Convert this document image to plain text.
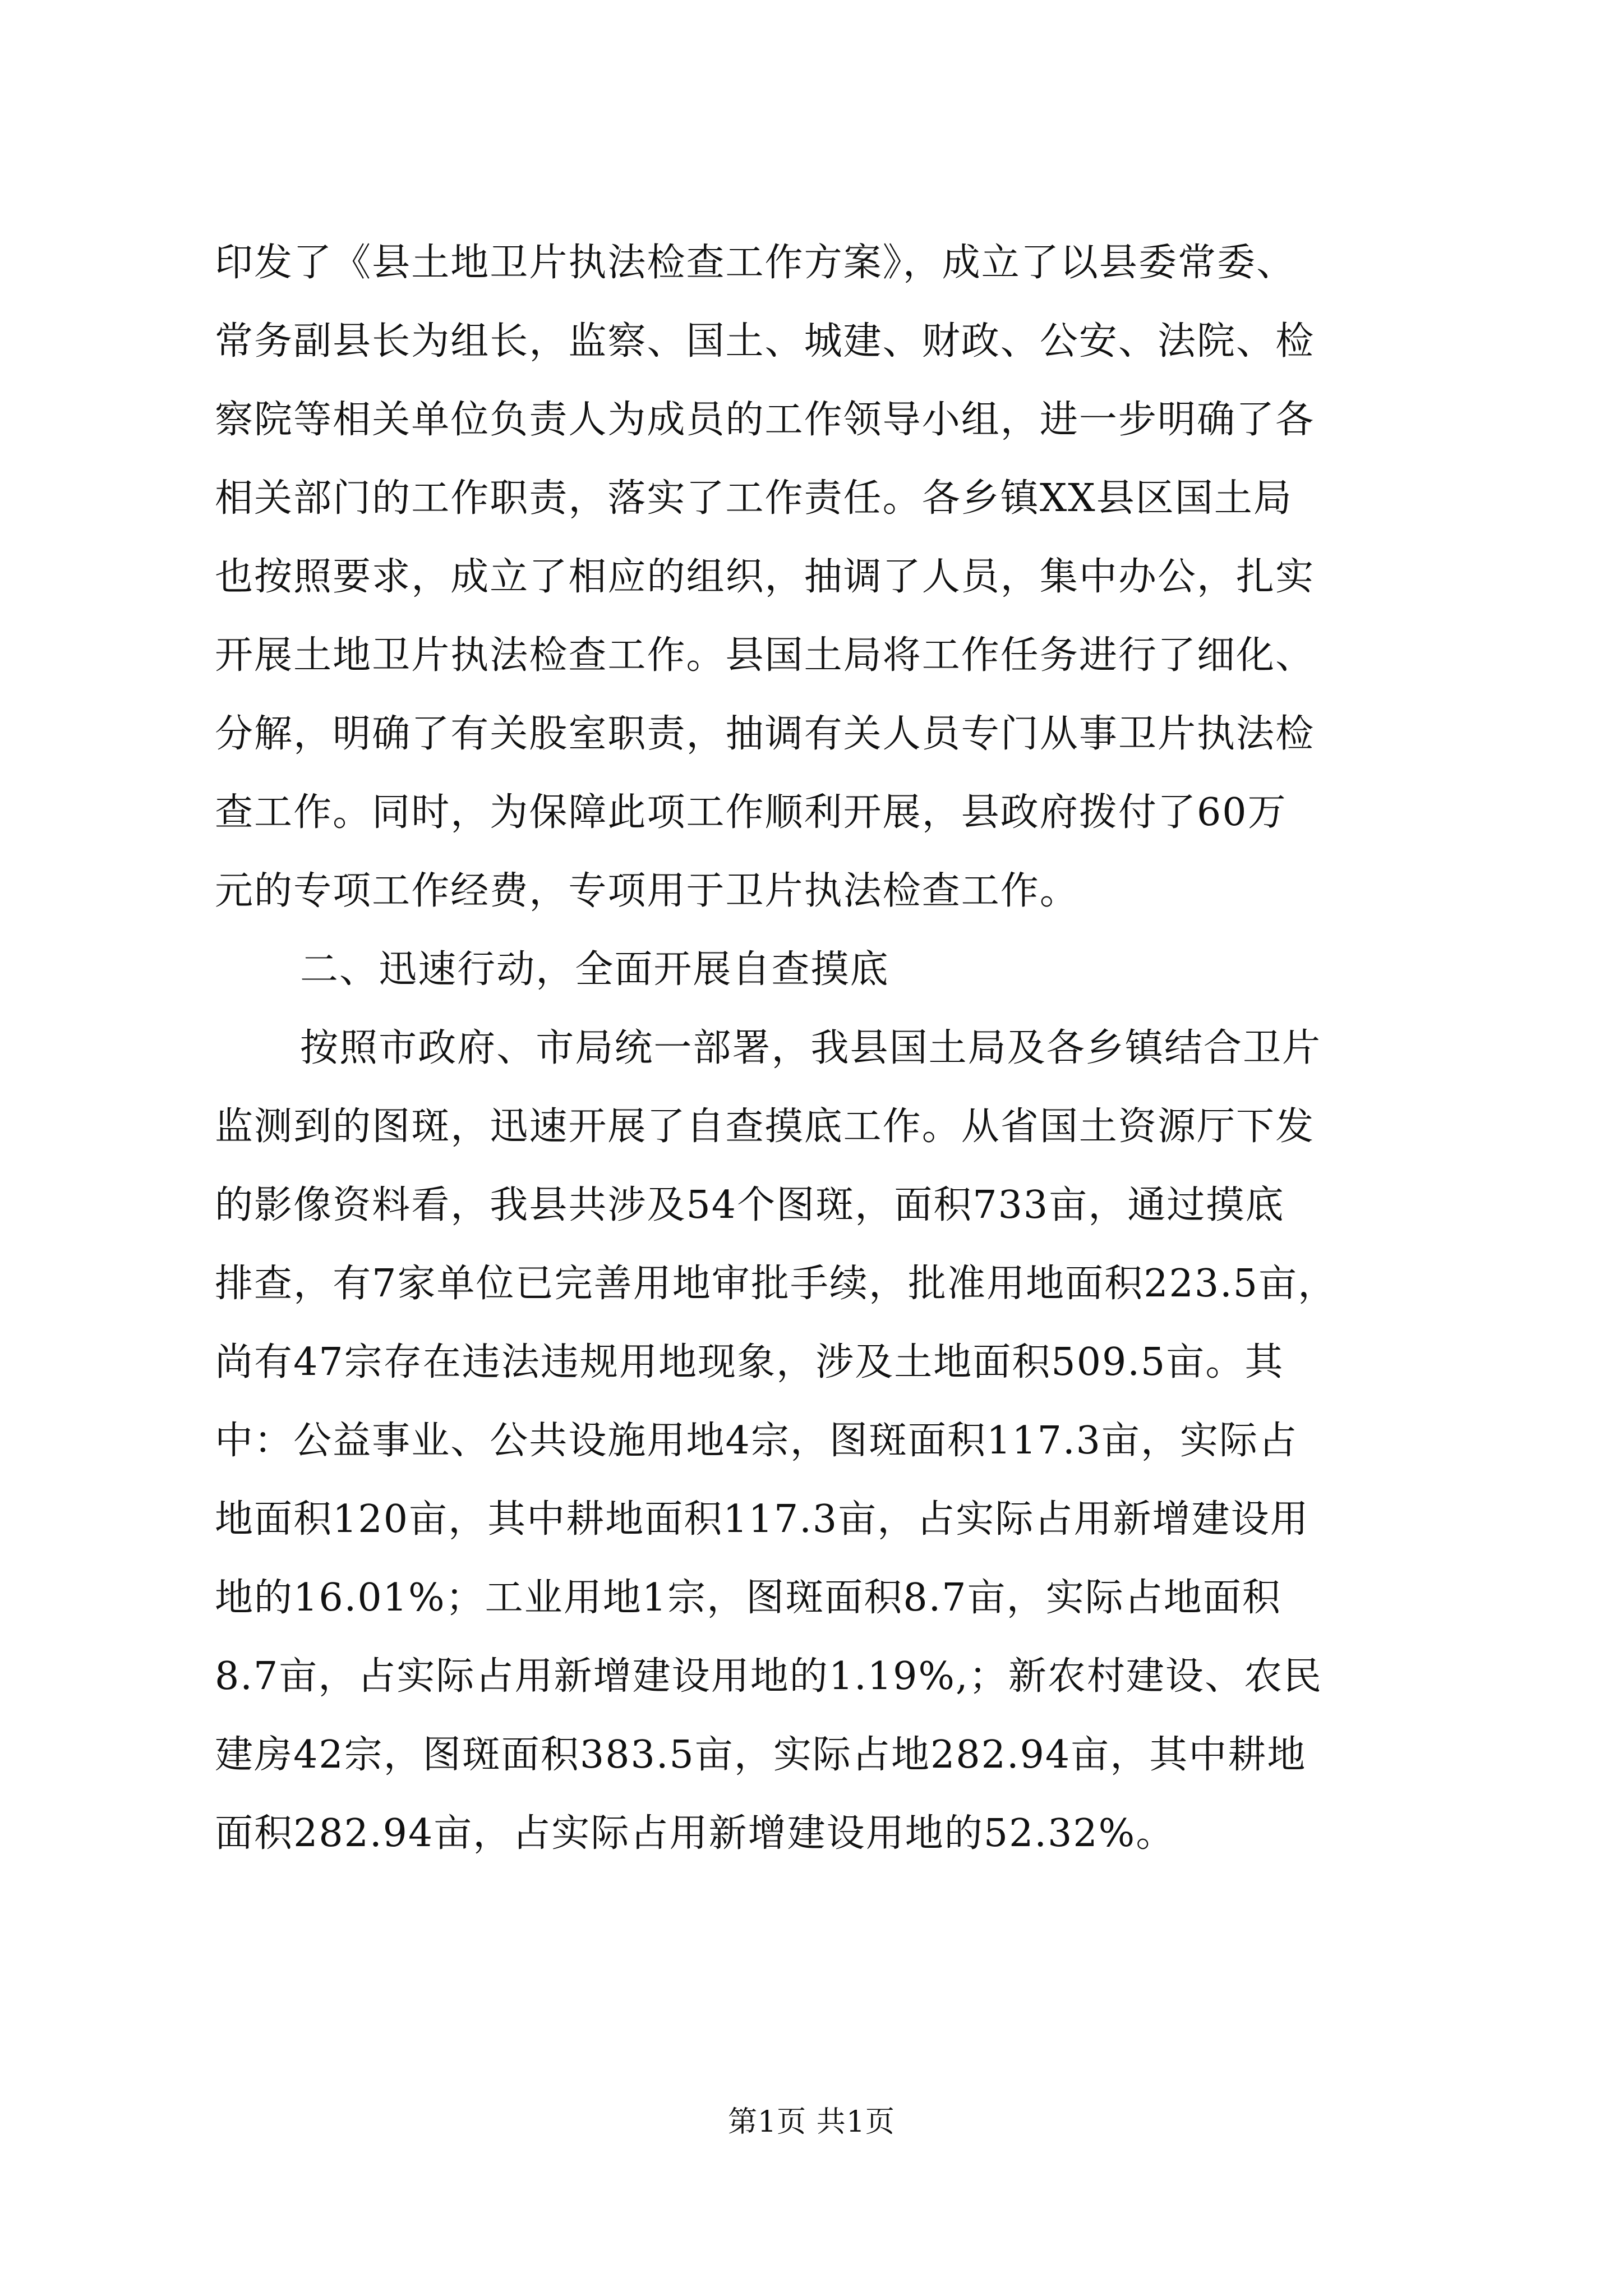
印发了《县土地卫片执法检查工作方案》，成立了以县委常委、
常务副县长为组长，监察、国土、城建、财政、公安、法院、检
察院等相关单位负责人为成员的工作领导小组，进一步明确了各
相关部门的工作职责，落实了工作责任。各乡镇XX县区国土局
也按照要求，成立了相应的组织，抽调了人员，集中办公，扎实
开展土地卫片执法检查工作。县国土局将工作任务进行了细化、
分解，明确了有关股室职责，抽调有关人员专门从事卫片执法检
查工作。同时，为保障此项工作顺利开展，县政府拨付了60万
元的专项工作经费，专项用于卫片执法检查工作。
二、迅速行动，全面开展自查摸底
按照市政府、市局统一部署，我县国土局及各乡镇结合卫片
监测到的图斑，迅速开展了自查摸底工作。从省国土资源厅下发
的影像资料看，我县共涉及54个图斑，面积733亩，通过摸底
排查，有7家单位已完善用地审批手续，批准用地面积223.5亩，
尚有47宗存在违法违规用地现象，涉及土地面积509.5亩。其
中：公益事业、公共设施用地4宗，图斑面积117.3亩，实际占
地面积120亩，其中耕地面积117.3亩，占实际占用新增建设用
地的16.01%；工业用地1宗，图斑面积8.7亩，实际占地面积
8.7亩，占实际占用新增建设用地的1.19%,；新农村建设、农民
建房42宗，图斑面积383.5亩，实际占地282.94亩，其中耕地
面积282.94亩，占实际占用新增建设用地的52.32%。
第1页 共1页
